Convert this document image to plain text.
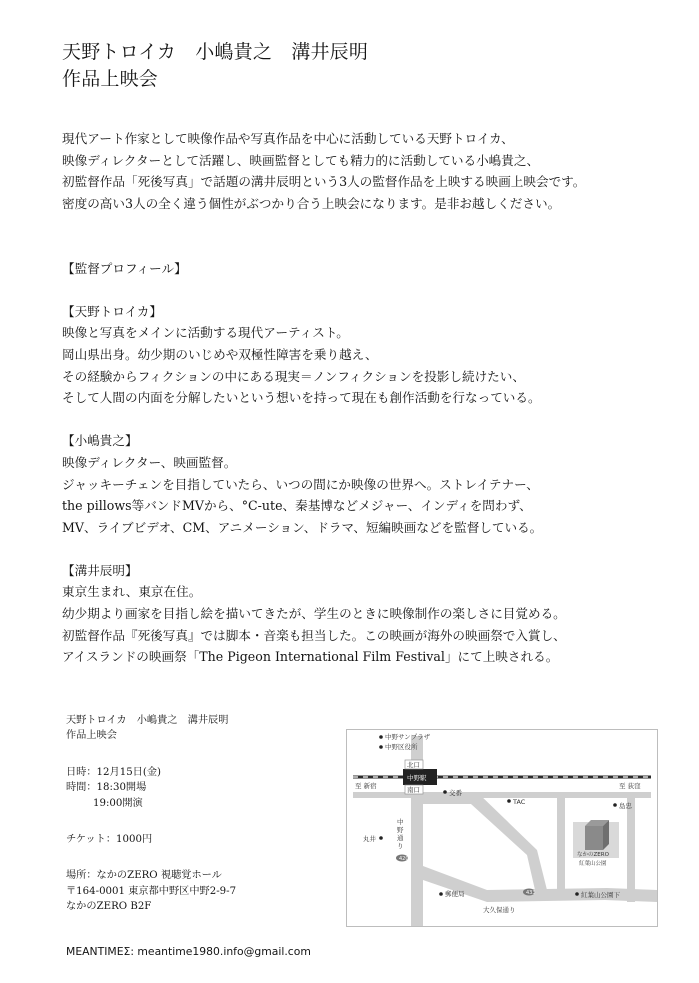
天野トロイカ　小嶋貴之　溝井辰明
作品上映会
現代アート作家として映像作品や写真作品を中心に活動している天野トロイカ、
映像ディレクターとして活躍し、映画監督としても精力的に活動している小嶋貴之、
初監督作品「死後写真」で話題の溝井辰明という3人の監督作品を上映する映画上映会です。
密度の高い3人の全く違う個性がぶつかり合う上映会になります。是非お越しください。
【監督プロフィール】
【天野トロイカ】
映像と写真をメインに活動する現代アーティスト。
岡山県出身。幼少期のいじめや双極性障害を乗り越え、
その経験からフィクションの中にある現実＝ノンフィクションを投影し続けたい、
そして人間の内面を分解したいという想いを持って現在も創作活動を行なっている。
【小嶋貴之】
映像ディレクター、映画監督。
ジャッキーチェンを目指していたら、いつの間にか映像の世界へ。ストレイテナー、
the pillows等バンドMVから、°C-ute、秦基博などメジャー、インディを問わず、
MV、ライブビデオ、CM、アニメーション、ドラマ、短編映画などを監督している。
【溝井辰明】
東京生まれ、東京在住。
幼少期より画家を目指し絵を描いてきたが、学生のときに映像制作の楽しさに目覚める。
初監督作品『死後写真』では脚本・音楽も担当した。この映画が海外の映画祭で入賞し、
アイスランドの映画祭「The Pigeon International Film Festival」にて上映される。
天野トロイカ　小嶋貴之　溝井辰明
作品上映会
日時：12月15日(金)
時間：18:30開場
19:00開演
チケット：1000円
場所：なかのZERO 視聴覚ホール
〒164-0001 東京都中野区中野2-9-7
なかのZERO B2F
MEANTIMEΣ: meantime1980.info@gmail.com
中野サンプラザ
中野区役所
北口
中野駅
南口
至 新宿	至 荻窪
交番
TAC	島忠
丸井
420
郵便局	433
なかのZERO
紅葉山公園
紅葉山公園下
大久保通り
中野通り
